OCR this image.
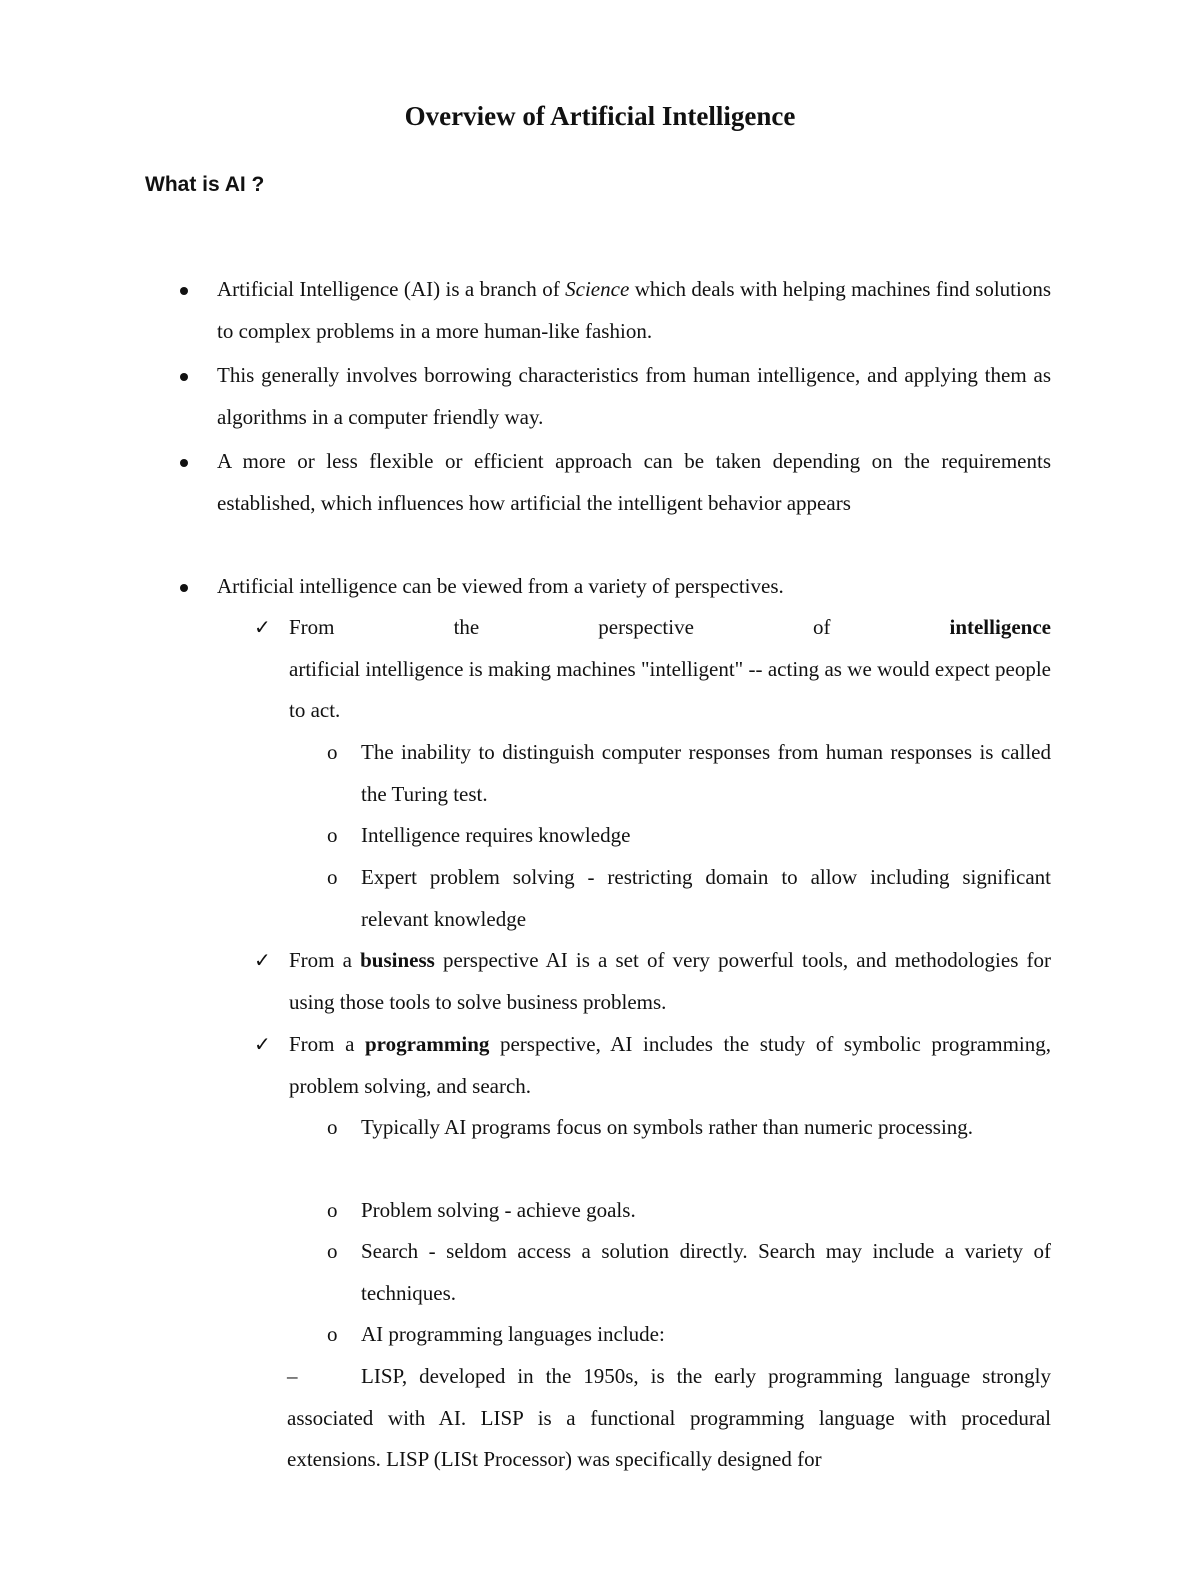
Overview of Artificial Intelligence
What is AI ?
Artificial Intelligence (AI) is a branch of Science which deals with helping machines find solutions to complex problems in a more human-like fashion.
This generally involves borrowing characteristics from human intelligence, and applying them as algorithms in a computer friendly way.
A more or less flexible or efficient approach can be taken depending on the requirements established, which influences how artificial the intelligent behavior appears
Artificial intelligence can be viewed from a variety of perspectives.
✓ From	the	perspective	of	intelligence
artificial intelligence is making machines "intelligent" -- acting as we would expect people to act.
o The inability to distinguish computer responses from human responses is called the Turing test.
o Intelligence requires knowledge
o Expert problem solving - restricting domain to allow including significant relevant knowledge
✓ From a business perspective AI is a set of very powerful tools, and methodologies for using those tools to solve business problems.
✓ From a programming perspective, AI includes the study of symbolic programming, problem solving, and search.
o Typically AI programs focus on symbols rather than numeric processing.
o Problem solving - achieve goals.
o Search - seldom access a solution directly. Search may include a variety of techniques.
o AI programming languages include:
LISP, developed in the 1950s, is the early programming language strongly associated with AI. LISP is a functional programming language with procedural extensions. LISP (LISt Processor) was specifically designed for
–
